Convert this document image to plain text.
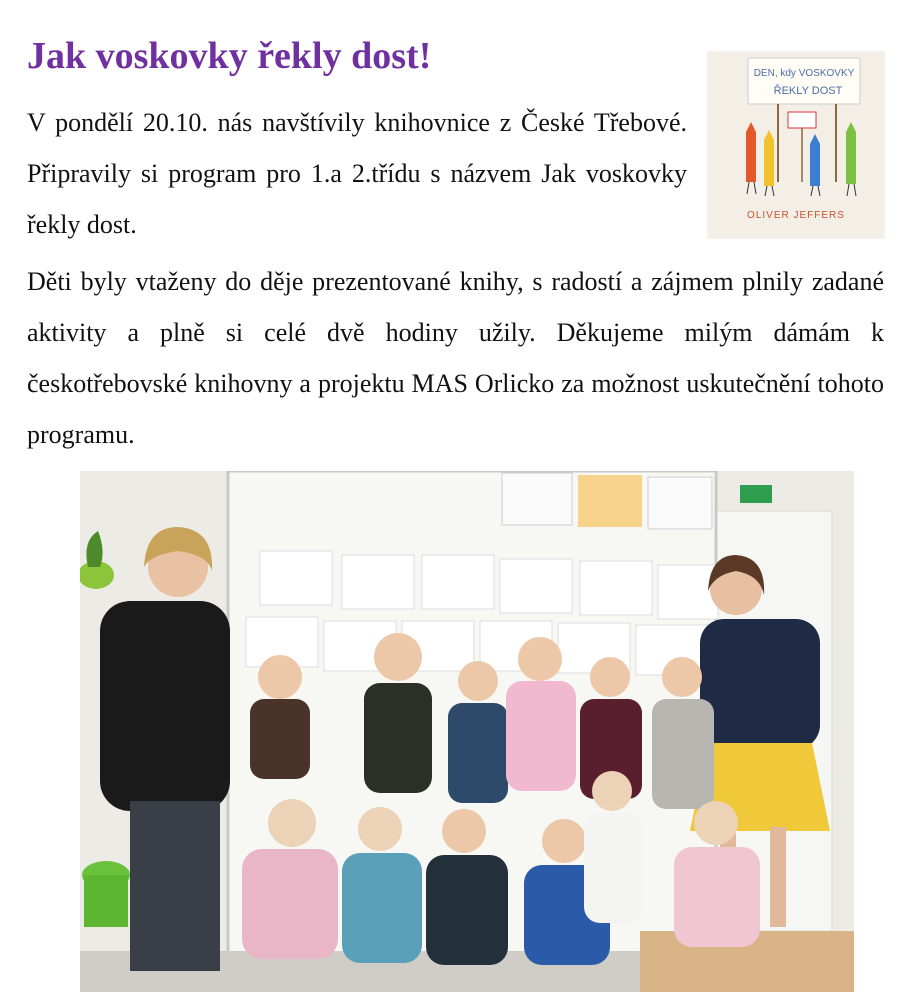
Jak voskovky řekly dost!

V pondělí 20.10. nás navštívily knihovnice z České Třebové. Připravily si program pro 1.a 2.třídu s názvem Jak voskovky řekly dost.

Děti byly vtaženy do děje prezentované knihy, s radostí a zájmem plnily zadané aktivity a plně si celé dvě hodiny užily. Děkujeme milým dámám k českotřebovské knihovny a projektu MAS Orlicko za možnost uskutečnění tohoto programu.

DEN, kdy VOSKOVKY
ŘEKLY DOST
OLIVER JEFFERS
